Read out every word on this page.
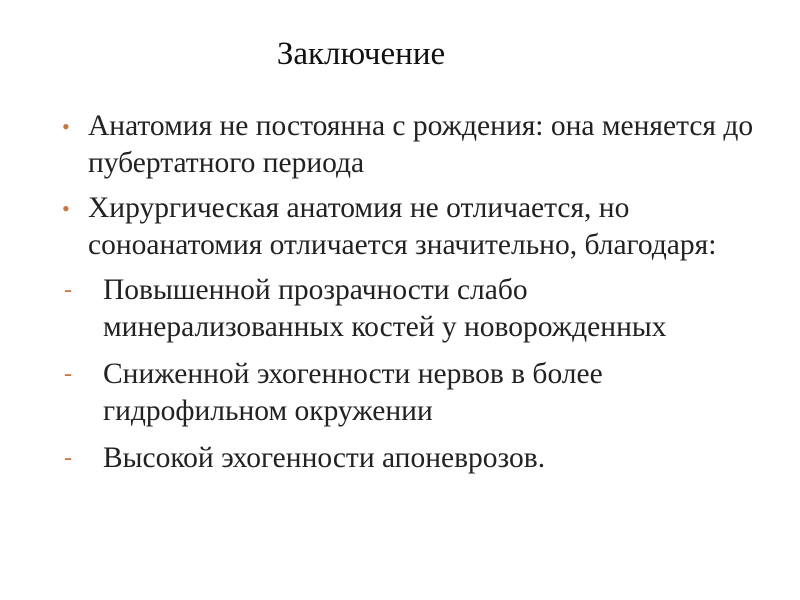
Заключение
• Анатомия не постоянна с рождения: она меняется до пубертатного периода
• Хирургическая анатомия не отличается, но соноанатомия отличается значительно, благодаря:
- Повышенной прозрачности слабо минерализованных костей у новорожденных
- Сниженной эхогенности нервов в более гидрофильном окружении
- Высокой эхогенности апоневрозов.
